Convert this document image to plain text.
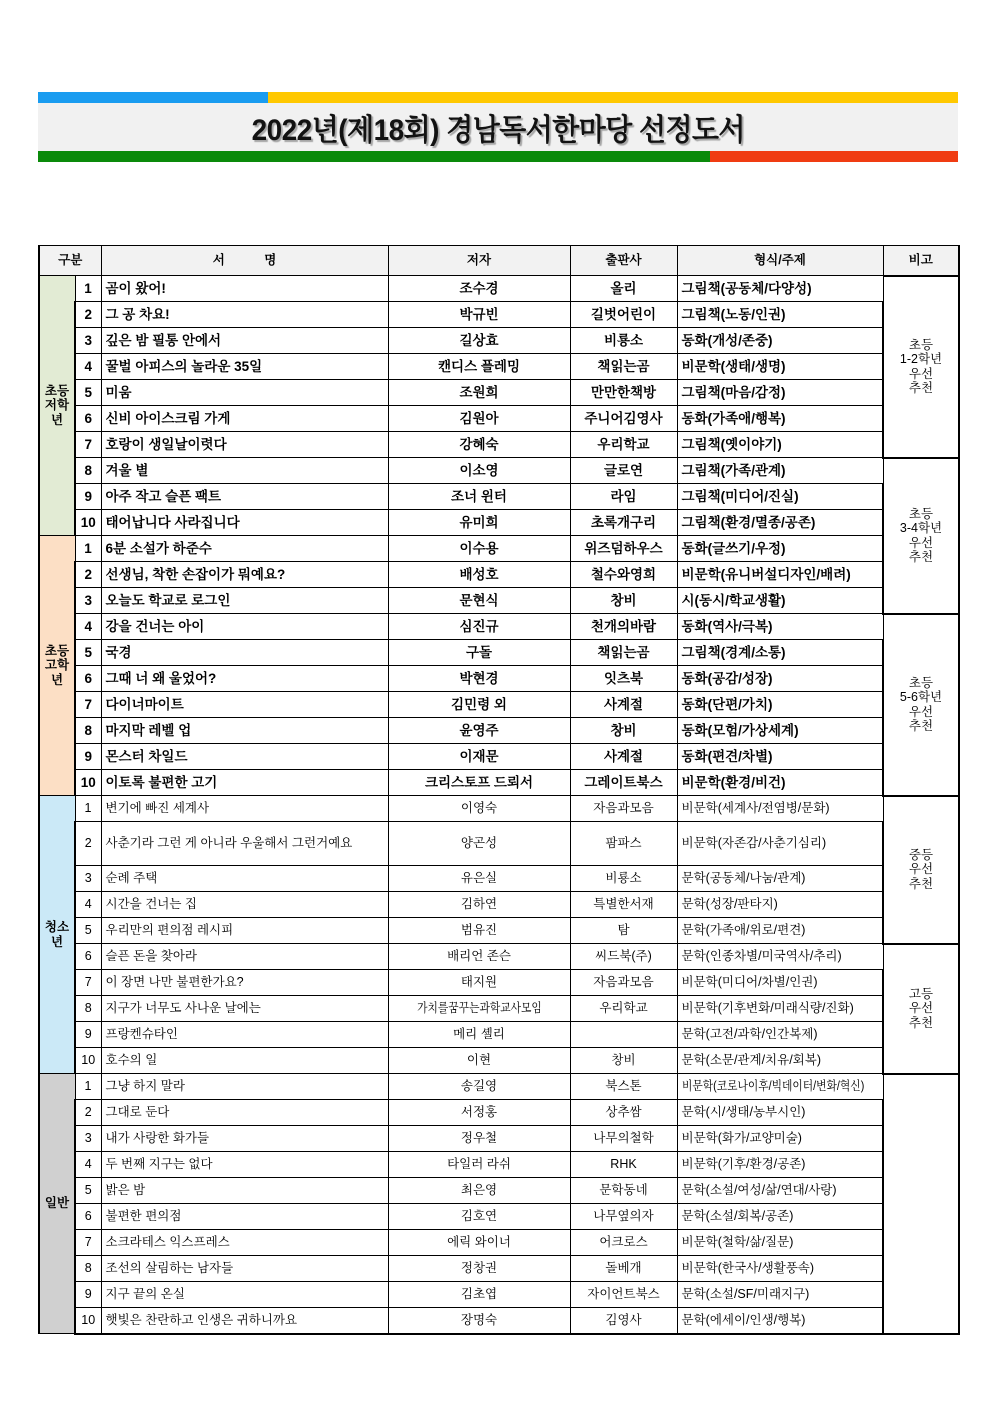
2022년(제18회) 경남독서한마당 선정도서
구분		서 명	저자	출판사	형식/주제	비고

초등저학년	1	곰이 왔어!	조수경	올리	그림책(공동체/다양성)	초등
1-2학년
우선
추천
	2	그 공 차요!	박규빈	길벗어린이	그림책(노동/인권)	
	3	깊은 밤 필통 안에서	길상효	비룡소	동화(개성/존중)	
	4	꿀벌 아피스의 놀라운 35일	캔디스 플레밍	책읽는곰	비문학(생태/생명)	
	5	미움	조원희	만만한책방	그림책(마음/감정)	
	6	신비 아이스크림 가게	김원아	주니어김영사	동화(가족애/행복)	
	7	호랑이 생일날이렷다	강혜숙	우리학교	그림책(옛이야기)	
	8	겨울 별	이소영	글로연	그림책(가족/관계)	초등
3-4학년
우선
추천
	9	아주 작고 슬픈 팩트	조너 윈터	라임	그림책(미디어/진실)	
	10	태어납니다 사라집니다	유미희	초록개구리	그림책(환경/멸종/공존)	

초등고학년	1	6분 소설가 하준수	이수용	위즈덤하우스	동화(글쓰기/우정)	
	2	선생님, 착한 손잡이가 뭐예요?	배성호	철수와영희	비문학(유니버설디자인/배려)	
	3	오늘도 학교로 로그인	문현식	창비	시(동시/학교생활)	
	4	강을 건너는 아이	심진규	천개의바람	동화(역사/극복)	초등
5-6학년
우선
추천
	5	국경	구돌	책읽는곰	그림책(경계/소통)	
	6	그때 너 왜 울었어?	박현경	잇츠북	동화(공감/성장)	
	7	다이너마이트	김민령 외	사계절	동화(단편/가치)	
	8	마지막 레벨 업	윤영주	창비	동화(모험/가상세계)	
	9	몬스터 차일드	이재문	사계절	동화(편견/차별)	
	10	이토록 불편한 고기	크리스토프 드뢰서	그레이트북스	비문학(환경/비건)	

청소년	1	변기에 빠진 세계사	이영숙	자음과모음	비문학(세계사/전염병/문화)	중등
우선
추천
	2	사춘기라 그런 게 아니라 우울해서 그런거예요	양곤성	팜파스	비문학(자존감/사춘기심리)	
	3	순례 주택	유은실	비룡소	문학(공동체/나눔/관계)	
	4	시간을 건너는 집	김하연	특별한서재	문학(성장/판타지)	
	5	우리만의 편의점 레시피	범유진	탐	문학(가족애/위로/편견)	
	6	슬픈 돈을 찾아라	배리언 존슨	씨드북(주)	문학(인종차별/미국역사/추리)	고등
우선
추천
	7	이 장면 나만 불편한가요?	태지원	자음과모음	비문학(미디어/차별/인권)	
	8	지구가 너무도 사나운 날에는	가치를꿈꾸는과학교사모임	우리학교	비문학(기후변화/미래식량/진화)	
	9	프랑켄슈타인	메리 셸리		문학(고전/과학/인간복제)	
	10	호수의 일	이현	창비	문학(소문/관계/치유/회복)	

일반	1	그냥 하지 말라	송길영	북스톤	비문학(코로나이후/빅데이터/변화/혁신)	
	2	그대로 둔다	서정홍	상추쌈	문학(시/생태/농부시인)	
	3	내가 사랑한 화가들	정우철	나무의철학	비문학(화가/교양미술)	
	4	두 번째 지구는 없다	타일러 라쉬	RHK	비문학(기후/환경/공존)	
	5	밝은 밤	최은영	문학동네	문학(소설/여성/삶/연대/사랑)	
	6	불편한 편의점	김호연	나무옆의자	문학(소설/회복/공존)	
	7	소크라테스 익스프레스	에릭 와이너	어크로스	비문학(철학/삶/질문)	
	8	조선의 살림하는 남자들	정창권	돌베개	비문학(한국사/생활풍속)	
	9	지구 끝의 온실	김초엽	자이언트북스	문학(소설/SF/미래지구)	
	10	햇빛은 찬란하고 인생은 귀하니까요	장명숙	김영사	문학(에세이/인생/행복)	
